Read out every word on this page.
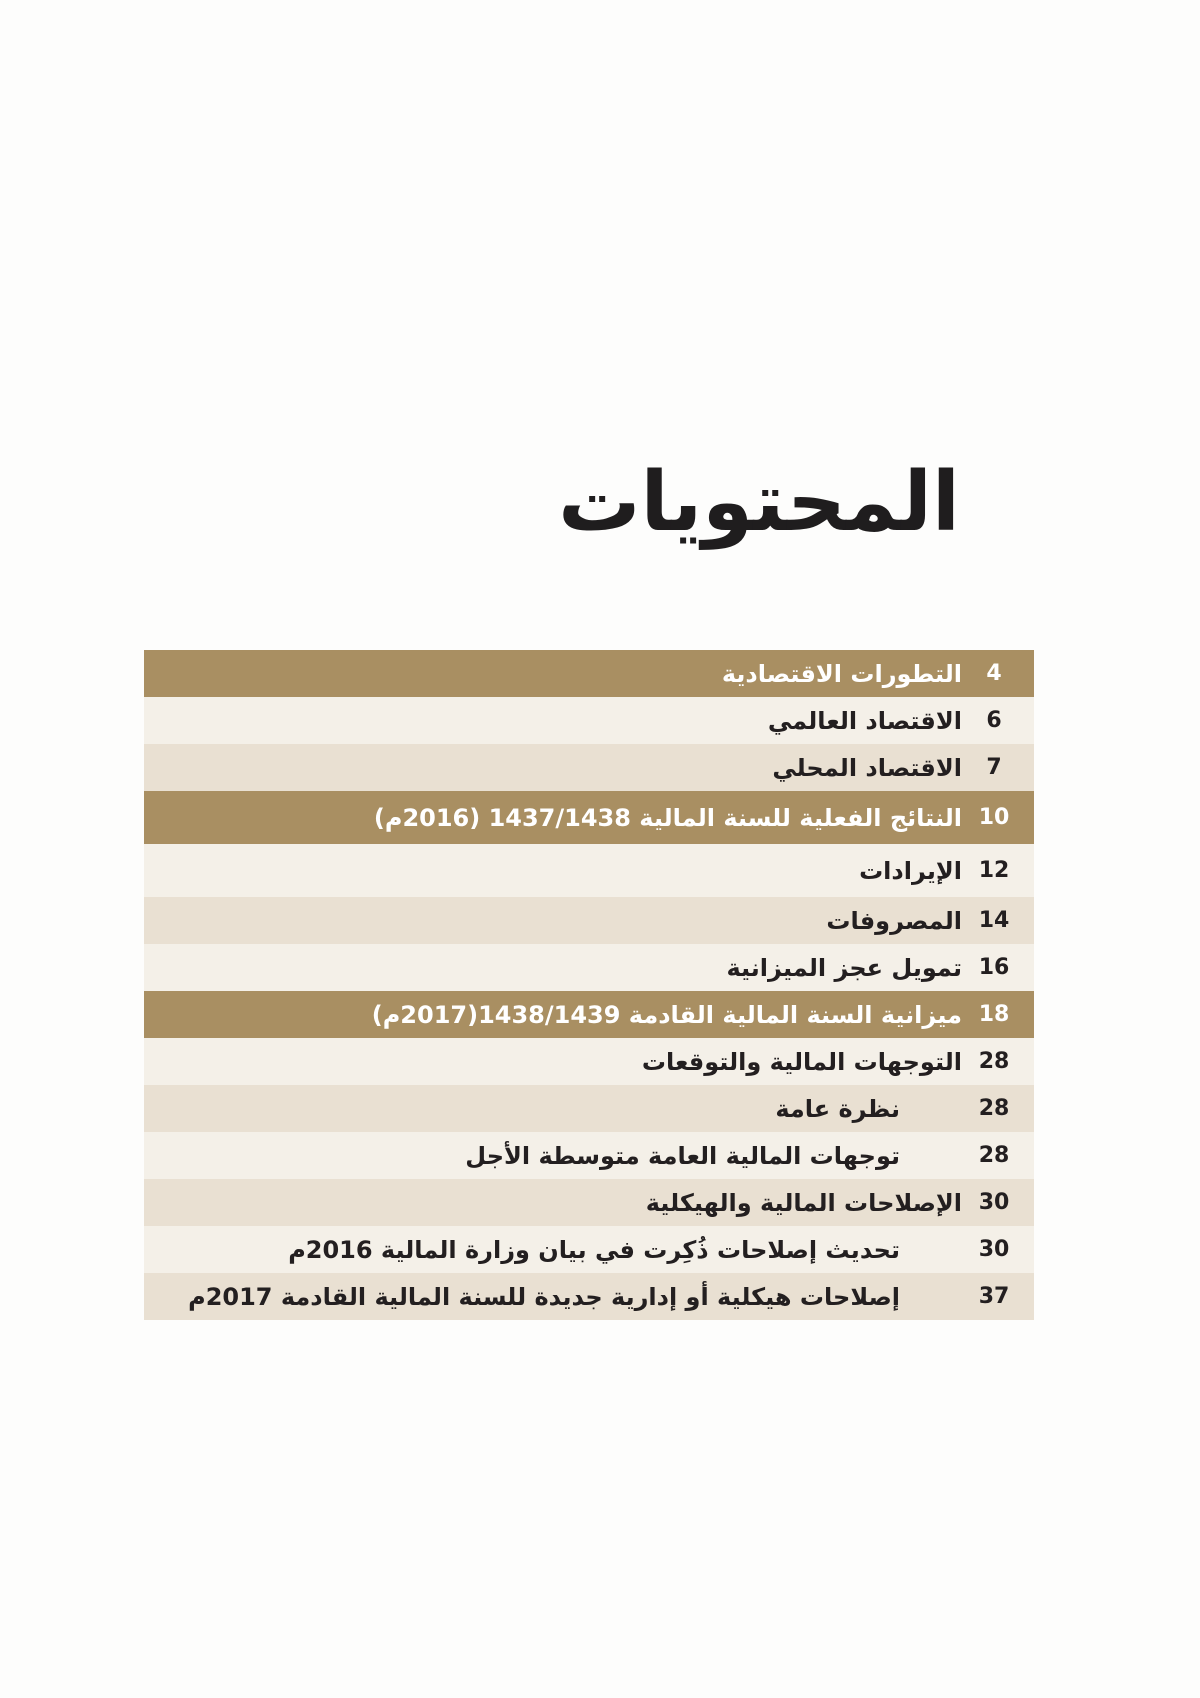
المحتويات
4
التطورات الاقتصادية
6
الاقتصاد العالمي
7
الاقتصاد المحلي
10
النتائج الفعلية للسنة المالية 1437/1438 (2016م)
12
الإيرادات
14
المصروفات
16
تمويل عجز الميزانية
18
ميزانية السنة المالية القادمة 1438/1439(2017م)
28
التوجهات المالية والتوقعات
28
نظرة عامة
28
توجهات المالية العامة متوسطة الأجل
30
الإصلاحات المالية والهيكلية
30
تحديث إصلاحات ذُكِرت في بيان وزارة المالية 2016م
37
إصلاحات هيكلية أو إدارية جديدة للسنة المالية القادمة 2017م
